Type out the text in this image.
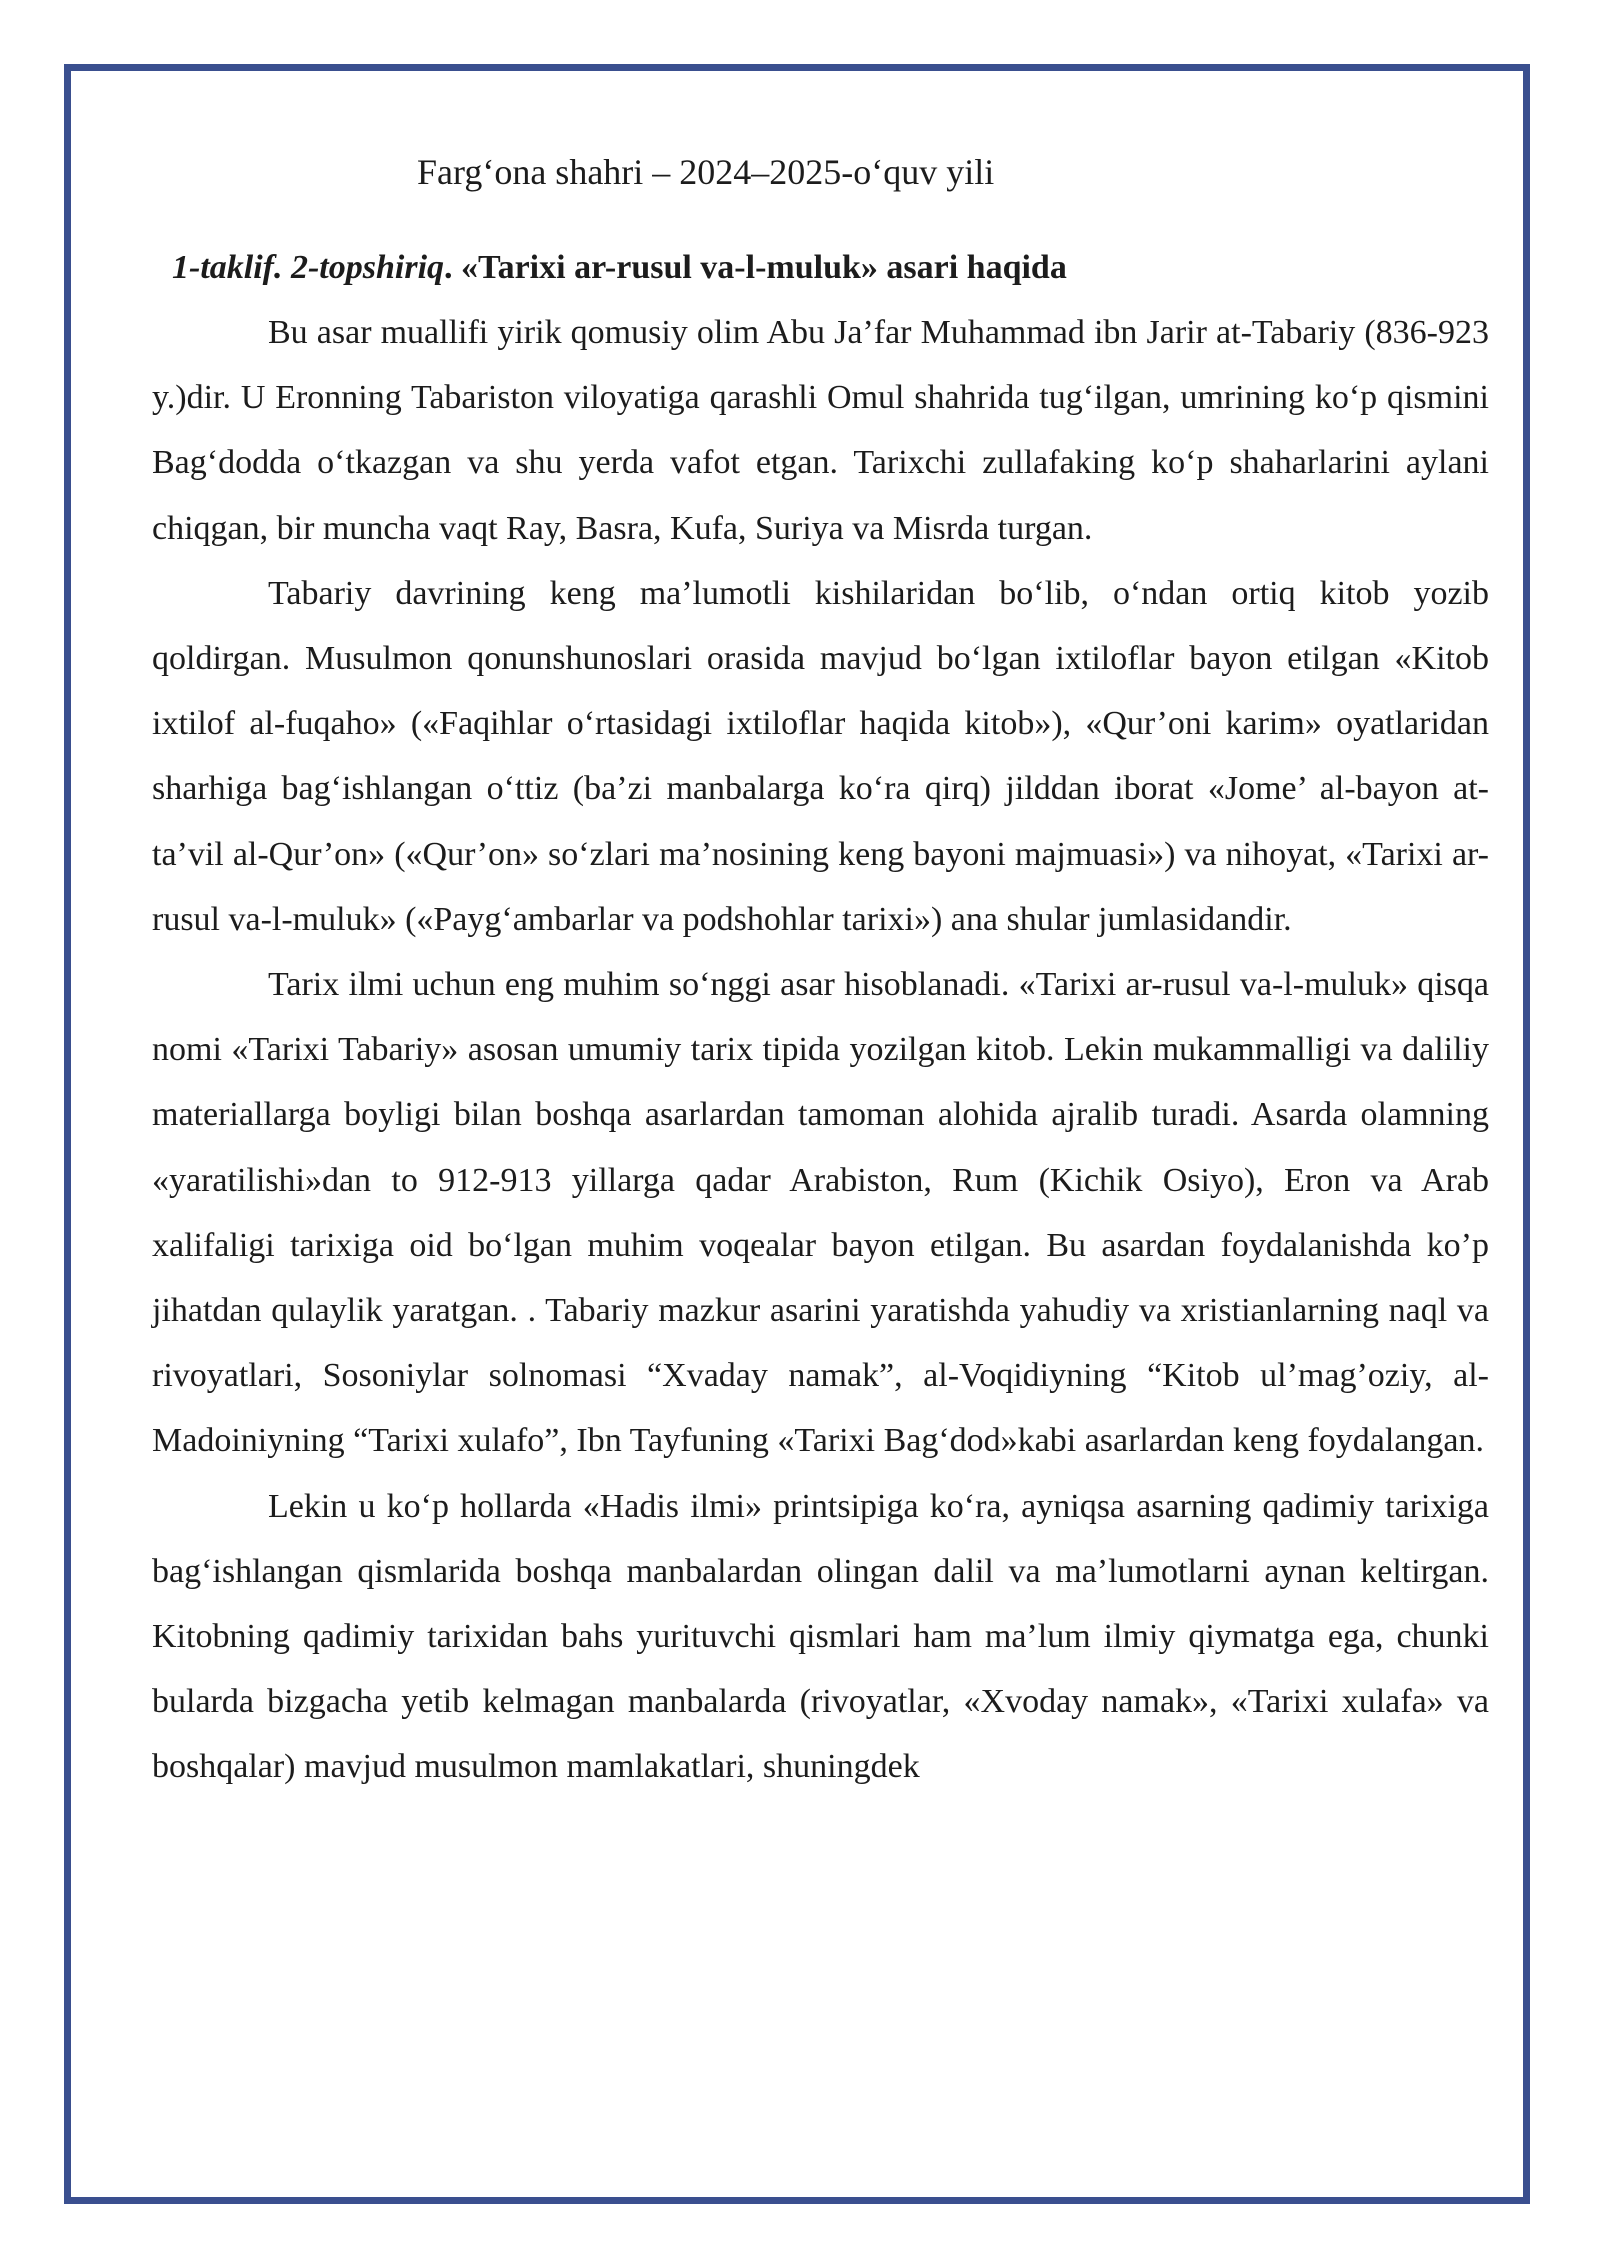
Farg‘ona shahri – 2024–2025-o‘quv yili
1-taklif. 2-topshiriq. «Tarixi ar-rusul va-l-muluk» asari haqida

Bu asar muallifi yirik qomusiy olim Abu Ja’far Muhammad ibn Jarir at-Tabariy (836-923 y.)dir. U Eronning Tabariston viloyatiga qarashli Omul shahrida tug‘ilgan, umrining ko‘p qismini Bag‘dodda o‘tkazgan va shu yerda vafot etgan. Tarixchi zullafaking ko‘p shaharlarini aylani chiqgan, bir muncha vaqt Ray, Basra, Kufa, Suriya va Misrda turgan.

Tabariy davrining keng ma’lumotli kishilaridan bo‘lib, o‘ndan ortiq kitob yozib qoldirgan. Musulmon qonunshunoslari orasida mavjud bo‘lgan ixtiloflar bayon etilgan «Kitob ixtilof al-fuqaho» («Faqihlar o‘rtasidagi ixtiloflar haqida kitob»), «Qur’oni karim» oyatlaridan sharhiga bag‘ishlangan o‘ttiz (ba’zi manbalarga ko‘ra qirq) jilddan iborat «Jome’ al-bayon at-ta’vil al-Qur’on» («Qur’on» so‘zlari ma’nosining keng bayoni majmuasi») va nihoyat, «Tarixi ar-rusul va-l-muluk» («Payg‘ambarlar va podshohlar tarixi») ana shular jumlasidandir.

Tarix ilmi uchun eng muhim so‘nggi asar hisoblanadi. «Tarixi ar-rusul va-l-muluk» qisqa nomi «Tarixi Tabariy» asosan umumiy tarix tipida yozilgan kitob. Lekin mukammalligi va daliliy materiallarga boyligi bilan boshqa asarlardan tamoman alohida ajralib turadi. Asarda olamning «yaratilishi»dan to 912-913 yillarga qadar Arabiston, Rum (Kichik Osiyo), Eron va Arab xalifaligi tarixiga oid bo‘lgan muhim voqealar bayon etilgan. Bu asardan foydalanishda ko’p jihatdan qulaylik yaratgan. . Tabariy mazkur asarini yaratishda yahudiy va xristianlarning naql va rivoyatlari, Sosoniylar solnomasi “Xvaday namak”, al-Voqidiyning “Kitob ul’mag’oziy, al-Madoiniyning “Tarixi xulafo”, Ibn Tayfuning «Tarixi Bag‘dod»kabi asarlardan keng foydalangan.

Lekin u ko‘p hollarda «Hadis ilmi» printsipiga ko‘ra, ayniqsa asarning qadimiy tarixiga bag‘ishlangan qismlarida boshqa manbalardan olingan dalil va ma’lumotlarni aynan keltirgan. Kitobning qadimiy tarixidan bahs yurituvchi qismlari ham ma’lum ilmiy qiymatga ega, chunki bularda bizgacha yetib kelmagan manbalarda (rivoyatlar, «Xvoday namak», «Tarixi xulafa» va boshqalar) mavjud musulmon mamlakatlari, shuningdek
